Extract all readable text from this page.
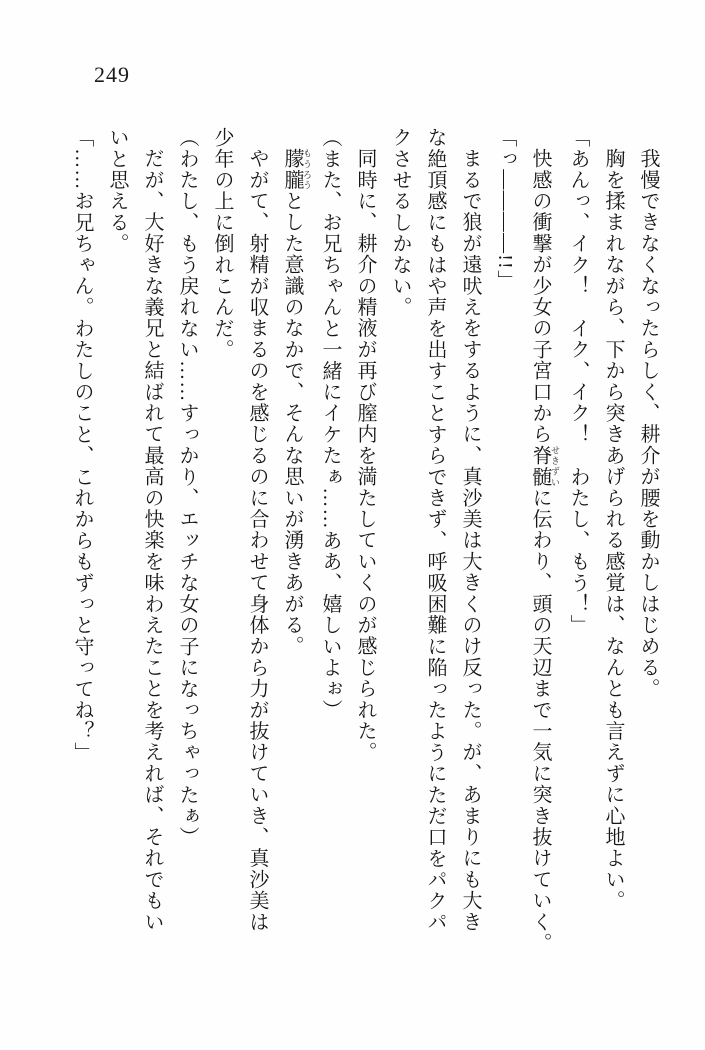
249

我慢できなくなったらしく、耕介が腰を動かしはじめる。

胸を揉まれながら、下から突きあげられる感覚は、なんとも言えずに心地よい。

「あんっ、イク！　イク、イク！　わたし、もう！」

快感の衝撃が少女の子宮口から脊髄 せきずいに伝わり、頭の天辺まで一気に突き抜けていく。

「っ――――!!」

まるで狼が遠吠えをするように、真沙美は大きくのけ反った。が、あまりにも大き

な絶頂感にもはや声を出すことすらできず、呼吸困難に陥ったようにただ口をパクパ

クさせるしかない。

同時に、耕介の精液が再び膣内を満たしていくのが感じられた。

（また、お兄ちゃんと一緒にイケたぁ……ああ、嬉しいよぉ）

朦朧 もうろうとした意識のなかで、そんな思いが湧きあがる。

やがて、射精が収まるのを感じるのに合わせて身体から力が抜けていき、真沙美は

少年の上に倒れこんだ。

（わたし、もう戻れない……すっかり、エッチな女の子になっちゃったぁ）

だが、大好きな義兄と結ばれて最高の快楽を味わえたことを考えれば、それでもい

いと思える。

「……お兄ちゃん。わたしのこと、これからもずっと守ってね？」
